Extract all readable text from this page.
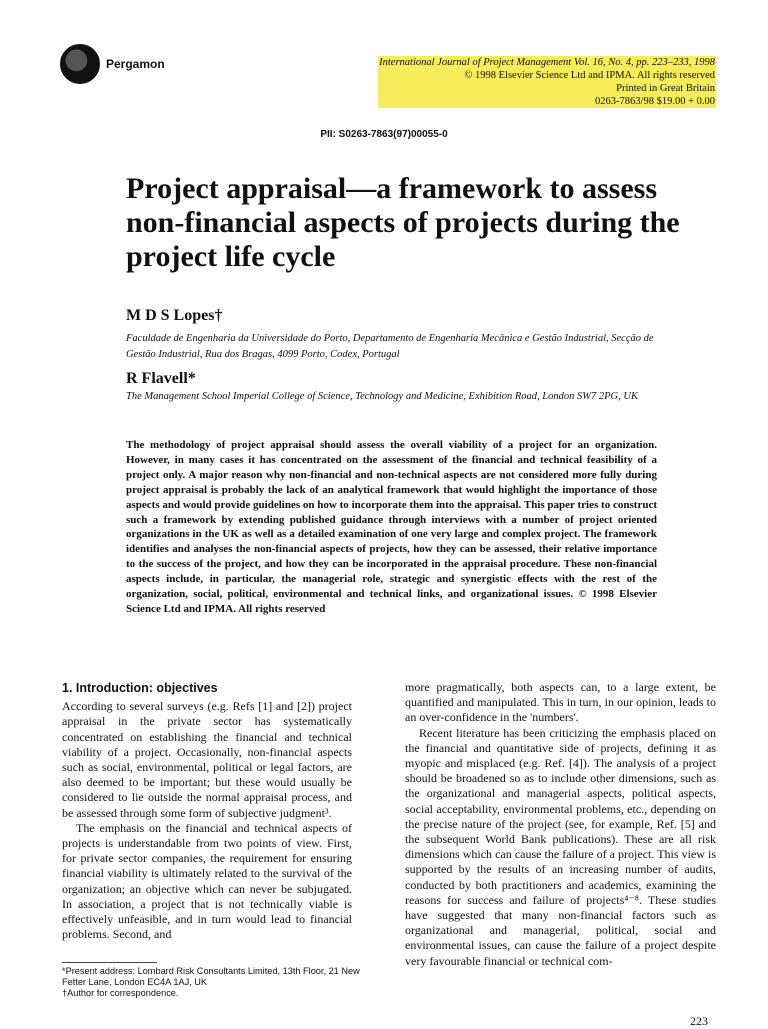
Pergamon	International Journal of Project Management Vol. 16, No. 4, pp. 223–233, 1998
© 1998 Elsevier Science Ltd and IPMA. All rights reserved
Printed in Great Britain
0263-7863/98 $19.00 + 0.00
PII: S0263-7863(97)00055-0
Project appraisal—a framework to assess non-financial aspects of projects during the project life cycle
M D S Lopes†
Faculdade de Engenharia da Universidade do Porto, Departamento de Engenharia Mecânica e Gestão Industrial, Secção de Gestão Industrial, Rua dos Bragas, 4099 Porto, Codex, Portugal
R Flavell*
The Management School Imperial College of Science, Technology and Medicine, Exhibition Road, London SW7 2PG, UK
The methodology of project appraisal should assess the overall viability of a project for an organization. However, in many cases it has concentrated on the assessment of the financial and technical feasibility of a project only. A major reason why non-financial and non-technical aspects are not considered more fully during project appraisal is probably the lack of an analytical framework that would highlight the importance of those aspects and would provide guidelines on how to incorporate them into the appraisal. This paper tries to construct such a framework by extending published guidance through interviews with a number of project oriented organizations in the UK as well as a detailed examination of one very large and complex project. The framework identifies and analyses the non-financial aspects of projects, how they can be assessed, their relative importance to the success of the project, and how they can be incorporated in the appraisal procedure. These non-financial aspects include, in particular, the managerial role, strategic and synergistic effects with the rest of the organization, social, political, environmental and technical links, and organizational issues. © 1998 Elsevier Science Ltd and IPMA. All rights reserved
1. Introduction: objectives

According to several surveys (e.g. Refs [1] and [2]) project appraisal in the private sector has systematically concentrated on establishing the financial and technical viability of a project. Occasionally, non-financial aspects such as social, environmental, political or legal factors, are also deemed to be important; but these would usually be considered to lie outside the normal appraisal process, and be assessed through some form of subjective judgment³.

The emphasis on the financial and technical aspects of projects is understandable from two points of view. First, for private sector companies, the requirement for ensuring financial viability is ultimately related to the survival of the organization; an objective which can never be subjugated. In association, a project that is not technically viable is effectively unfeasible, and in turn would lead to financial problems. Second, and

more pragmatically, both aspects can, to a large extent, be quantified and manipulated. This in turn, in our opinion, leads to an over-confidence in the 'numbers'.

Recent literature has been criticizing the emphasis placed on the financial and quantitative side of projects, defining it as myopic and misplaced (e.g. Ref. [4]). The analysis of a project should be broadened so as to include other dimensions, such as the organizational and managerial aspects, political aspects, social acceptability, environmental problems, etc., depending on the precise nature of the project (see, for example, Ref. [5] and the subsequent World Bank publications). These are all risk dimensions which can cause the failure of a project. This view is supported by the results of an increasing number of audits, conducted by both practitioners and academics, examining the reasons for success and failure of projects⁴⁻⁸. These studies have suggested that many non-financial factors such as organizational and managerial, political, social and environmental issues, can cause the failure of a project despite very favourable financial or technical com-

*Present address: Lombard Risk Consultants Limited, 13th Floor, 21 New Fetter Lane, London EC4A 1AJ, UK
†Author for correspondence.
223
